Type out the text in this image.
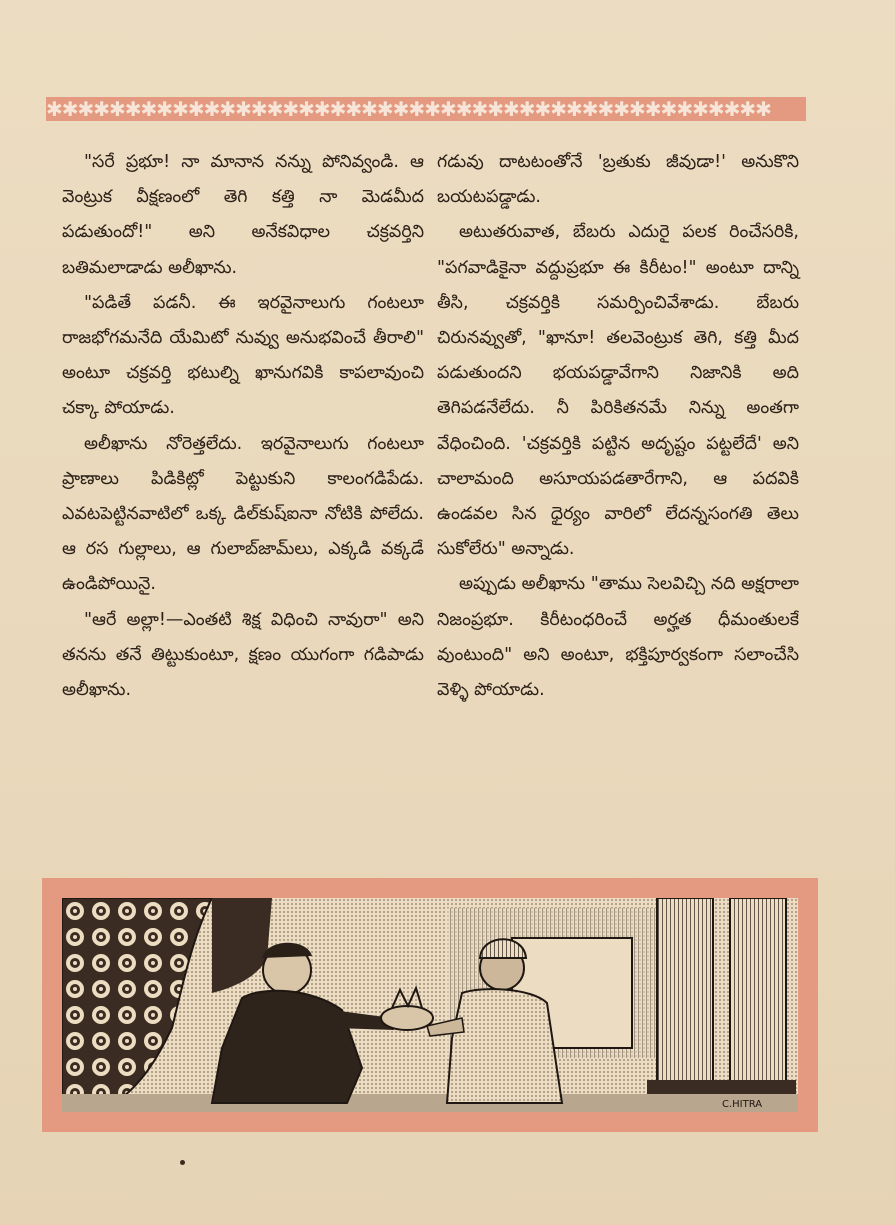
✱✱✱✱✱✱✱✱✱✱✱✱✱✱✱✱✱✱✱✱✱✱✱✱✱✱✱✱✱✱✱✱✱✱✱✱✱✱✱✱✱✱✱✱✱✱

"సరే ప్రభూ! నా మానాన నన్ను పోనివ్వండి. ఆ వెంట్రుక వీక్షణంలో తెగి కత్తి నా మెడమీద పడుతుందో!" అని అనేకవిధాల చక్రవర్తిని బతిమలాడాడు అలీఖాను.

"పడితే పడనీ. ఈ ఇరవైనాలుగు గంటలూ రాజభోగమనేది యేమిటో నువ్వు అనుభవించే తీరాలి" అంటూ చక్రవర్తి భటుల్ని ఖానుగవికి కాపలావుంచి చక్కా పోయాడు.

అలీఖాను నోరెత్తలేదు. ఇరవైనాలుగు గంటలూ ప్రాణాలు పిడికిట్లో పెట్టుకుని కాలంగడిపేడు. ఎవటపెట్టినవాటిలో ఒక్క డిల్‌కుష్‌ఐనా నోటికి పోలేదు. ఆ రస గుల్లాలు, ఆ గులాబ్‌జామ్‌లు, ఎక్కడి వక్కడే ఉండిపోయినై.

"ఆరే అల్లా!—ఎంతటి శిక్ష విధించి నావురా" అని తనను తనే తిట్టుకుంటూ, క్షణం యుగంగా గడిపాడు అలీఖాను.

గడువు దాటటంతోనే 'బ్రతుకు జీవుడా!' అనుకొని బయటపడ్డాడు.

అటుతరువాత, బేబరు ఎదురై పలక రించేసరికి, "పగవాడికైనా వద్దుప్రభూ ఈ కిరీటం!" అంటూ దాన్ని తీసి, చక్రవర్తికి సమర్పించివేశాడు. బేబరు చిరునవ్వుతో, "ఖానూ! తలవెంట్రుక తెగి, కత్తి మీద పడుతుందని భయపడ్డావేగాని నిజానికి అది తెగిపడనేలేదు. నీ పిరికితనమే నిన్ను అంతగా వేధించింది. 'చక్రవర్తికి పట్టిన అదృష్టం పట్టలేదే' అని చాలామంది అసూయపడతారేగాని, ఆ పదవికి ఉండవల సిన ధైర్యం వారిలో లేదన్నసంగతి తెలు సుకోలేరు" అన్నాడు.

అప్పుడు అలీఖాను "తాము సెలవిచ్చి నది అక్షరాలా నిజంప్రభూ. కిరీటంధరించే అర్హత ధీమంతులకే వుంటుంది" అని అంటూ, భక్తిపూర్వకంగా సలాంచేసి వెళ్ళి పోయాడు.

C.HITRA
